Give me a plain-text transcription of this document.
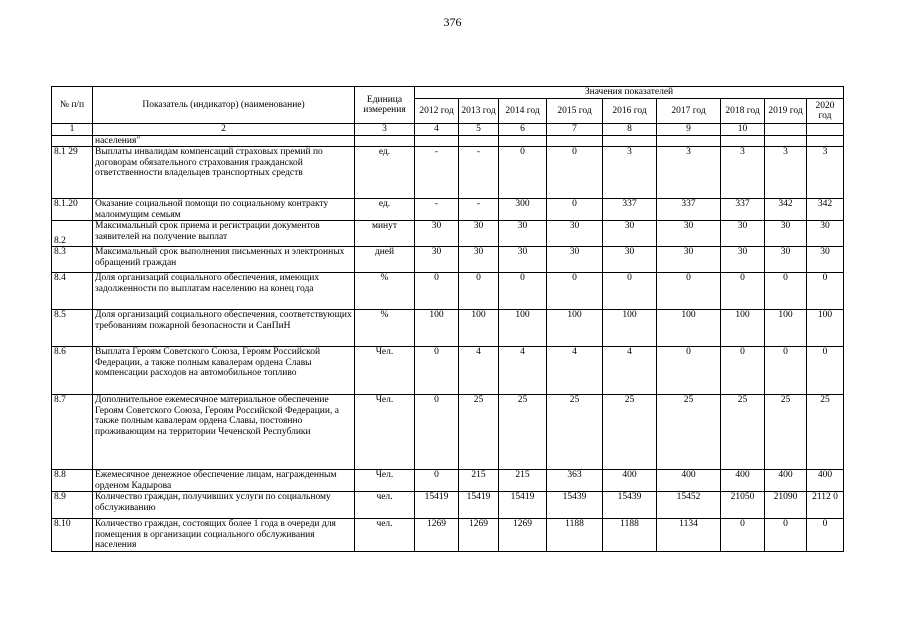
376
№ п/п	Показатель (индикатор) (наименование)	Единица измерения	Значения показателей								
			2012 год	2013 год	2014 год	2015 год	2016 год	2017 год	2018 год	2019 год	2020 год
1	2	3	4	5	6	7	8	9	10		
	населения"										
8.1 29	Выплаты инвалидам компенсаций страховых премий по договорам обязательного страхования гражданской ответственности владельцев транспортных средств	ед.	-	-	0	0	3	3	3	3	3
8.1.20	Оказание социальной помощи по социальному контракту малоимущим семьям	ед.	-	-	300	0	337	337	337	342	342
8.2	Максимальный срок приема и регистрации документов заявителей на получение выплат	минут	30	30	30	30	30	30	30	30	30
8.3	Максимальный срок выполнения письменных и электронных обращений граждан	дней	30	30	30	30	30	30	30	30	30
8.4	Доля организаций социального обеспечения, имеющих задолженности по выплатам населению на конец года	%	0	0	0	0	0	0	0	0	0
8.5	Доля организаций социального обеспечения, соответствующих требованиям пожарной безопасности и СанПиН	%	100	100	100	100	100	100	100	100	100
8.6	Выплата Героям Советского Союза, Героям Российской Федерации, а также полным кавалерам ордена Славы компенсации расходов на автомобильное топливо	Чел.	0	4	4	4	4	0	0	0	0
8.7	Дополнительное ежемесячное материальное обеспечение Героям Советского Союза, Героям Российской Федерации, а также полным кавалерам ордена Славы, постоянно проживающим на территории Чеченской Республики	Чел.	0	25	25	25	25	25	25	25	25
8.8	Ежемесячное денежное обеспечение лицам, награжденным орденом Кадырова	Чел.	0	215	215	363	400	400	400	400	400
8.9	Количество граждан, получивших услуги по социальному обслуживанию	чел.	15419	15419	15419	15439	15439	15452	21050	21090	2112 0
8.10	Количество граждан, состоящих более 1 года в очереди для помещения в организации социального обслуживания населения	чел.	1269	1269	1269	1188	1188	1134	0	0	0
